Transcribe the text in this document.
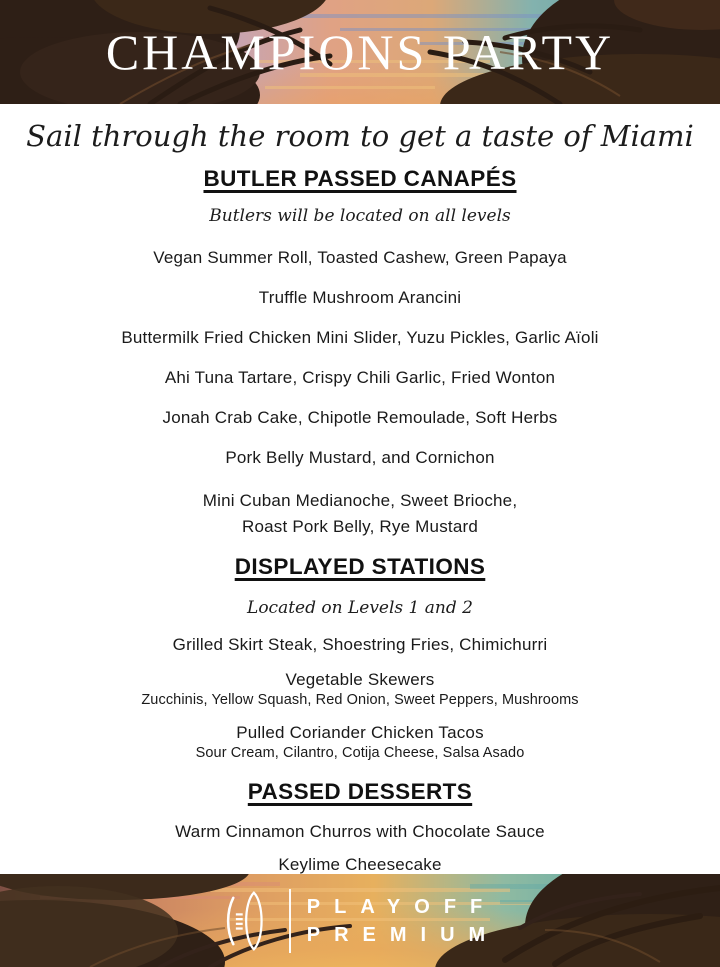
CHAMPIONS PARTY
Sail through the room to get a taste of Miami
BUTLER PASSED CANAPÉS
Butlers will be located on all levels
Vegan Summer Roll, Toasted Cashew, Green Papaya
Truffle Mushroom Arancini
Buttermilk Fried Chicken Mini Slider, Yuzu Pickles, Garlic Aïoli
Ahi Tuna Tartare, Crispy Chili Garlic, Fried Wonton
Jonah Crab Cake, Chipotle Remoulade, Soft Herbs
Pork Belly Mustard, and Cornichon
Mini Cuban Medianoche, Sweet Brioche,
Roast Pork Belly, Rye Mustard
DISPLAYED STATIONS
Located on Levels 1 and 2
Grilled Skirt Steak, Shoestring Fries, Chimichurri
Vegetable Skewers
Zucchinis, Yellow Squash, Red Onion, Sweet Peppers, Mushrooms
Pulled Coriander Chicken Tacos
Sour Cream, Cilantro, Cotija Cheese, Salsa Asado
PASSED DESSERTS
Warm Cinnamon Churros with Chocolate Sauce
Keylime Cheesecake
PLAYOFF
PREMIUM
